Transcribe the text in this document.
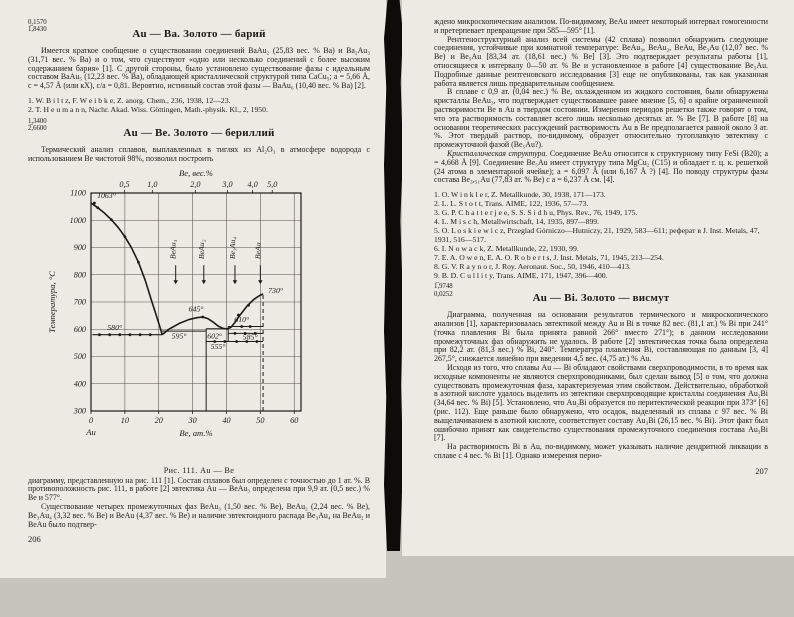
0,1570
1̅,8430	Au — Ba. Золото — барий

Имеется краткое сообщение о существовании соединений BaAu₂ (25,83 вес. % Ba) и Ba₂Au₃ (31,71 вес. % Ba) и о том, что существуют «одно или несколько соединений с более высоким содержанием бария» [1]. С другой стороны, было установлено существование фазы с идеальным составом BaAu₅ (12,23 вес. % Ba), обладающей кристаллической структурой типа CaCu₅; a = 5,66 Å, c = 4,57 Å (или кХ), c/a = 0,81. Вероятно, истинный состав этой фазы — BaAu₆ (10,40 вес. % Ba) [2].

1. W. B i l t z, F. W e i b k e, Z. anorg. Chem., 236, 1938, 12—23.
2. T. H e u m a n n, Nachr. Akad. Wiss. Göttingen, Math.-physik. Kl., 2, 1950.
1,3400
2̅,6600	Au — Be. Золото — бериллий

Термический анализ сплавов, выплавленных в тиглях из Al₂O₃ в атмосфере водорода с использованием Be чистотой 98%, позволил построить

300
400
500
600
700
800
900
1000
1100
0	10	20	30	40	50	60
0,5 1,0	2,0	3,0 4,0 5,0
Be, вес.%
Au	Be, ат.%
Температура, °С
1063°
580°
645°
610°
595°	602°	585°
555°
730°
BeAu₃ BeAu₂	Be₃Au₄ BeAu
Рис. 111. Au — Be

диаграмму, представленную на рис. 111 [1]. Состав сплавов был определен с точностью до 1 ат. %. В противоположность рис. 111, в работе [2] эвтектика Au — BeAu₃ определена при 9,9 ат. (0,5 вес.) % Be и 577°.

Существование четырех промежуточных фаз BeAu₃ (1,50 вес. % Be), BeAu₂ (2,24 вес. % Be), Be₃Au₄ (3,32 вес. % Be) и BeAu (4,37 вес. % Be) и наличие эвтектоидного распада Be₃Au₄ на BeAu₂ и BeAu было подтвер-

206

ждено микроскопическим анализом. По-видимому, BeAu имеет некоторый интервал гомогенности и претерпевает превращение при 585—595° [1].

Рентгеноструктурный анализ всей системы (42 сплава) позволил обнаружить следующие соединения, устойчивые при комнатной температуре: BeAu₃, BeAu₂, BeAu, Be₃Au (12,07 вес. % Be) и Be₅Au [83,34 ат. (18,61 вес.) % Be] [3]. Это подтверждает результаты работы [1], относящиеся к интервалу 0—50 ат. % Be и установленное в работе [4] существование Be₅Au. Подробные данные рентгеновского исследования [3] еще не опубликованы, так как указанная работа является лишь предварительным сообщением.

В сплаве с 0,9 ат. (0,04 вес.) % Be, охлажденном из жидкого состояния, были обнаружены кристаллы BeAu₃, что подтверждает существовавшее ранее мнение [5, 6] о крайне ограниченной растворимости Be в Au в твердом состоянии. Измерения периодов решетки также говорят о том, что эта растворимость составляет всего лишь несколько десятых ат. % Be [7]. В работе [8] на основании теоретических рассуждений растворимость Au в Be предполагается равной около 3 ат. %. Этот твердый раствор, по-видимому, образует относительно тугоплавкую эвтектику с промежуточной фазой (Be₅Au?).

Кристаллическая структура. Соединение BeAu относится к структурному типу FeSi (B20); a = 4,668 Å [9]. Соединение Be₅Au имеет структуру типа MgCu₂ (C15) и обладает г. ц. к. решеткой (24 атома в элементарной ячейке); a = 6,097 Å (или 6,167 Å ?) [4]. По поводу структуры фазы состава Be₃,₅₁Au (77,83 ат. % Be) с a = 6,237 Å см. [4].

1. O. W i n k l e r, Z. Metallkunde, 30, 1938, 171—173.
2. L. L. S t o t t, Trans. AIME, 122, 1936, 57—73.
3. G. P. C h a t t e r j e e, S. S. S i d h u, Phys. Rev., 76, 1949, 175.
4. L. M i s c h, Metallwirtschaft, 14, 1935, 897—899.
5. O. L o s k i e w i c z, Przeglad Górniczo—Hutniczy, 21, 1929, 583—611; реферат в J. Inst. Metals, 47, 1931, 516—517.
6. I. N o w a c k, Z. Metallkunde, 22, 1930, 99.
7. E. A. O w e n, E. A. O. R o b e r t s, J. Inst. Metals, 71, 1945, 213—254.
8. G. V. R a y n o r, J. Roy. Aeronaut. Soc., 50, 1946, 410—413.
9. B. D. C u l l i t y, Trans. AIME, 171, 1947, 396—400.
1̅,9748
0,0252	Au — Bi. Золото — висмут

Диаграмма, полученная на основании результатов термического и микроскопического анализов [1], характеризовалась эвтектикой между Au и Bi в точке 82 вес. (81,1 ат.) % Bi при 241° (точка плавления Bi была принята равной 266° вместо 271°); в данном исследовании промежуточных фаз обнаружить не удалось. В работе [2] эвтектическая точка была определена при 82,2 ат. (81,3 вес.) % Bi, 240°. Температура плавления Bi, составляющая по данным [3, 4] 267,5°, снижается линейно при введении 4,5 вес. (4,75 ат.) % Au.

Исходя из того, что сплавы Au — Bi обладают свойствами сверхпроводимости, в то время как исходные компоненты не являются сверхпроводниками, был сделан вывод [5] о том, что должна существовать промежуточная фаза, характеризуемая этим свойством. Действительно, обработкой в азотной кислоте удалось выделить из эвтектики сверхпроводящие кристаллы соединения Au₂Bi (34,64 вес. % Bi) [5]. Установлено, что Au₂Bi образуется по перитектической реакции при 373° [6] (рис. 112). Еще раньше было обнаружено, что осадок, выделенный из сплава с 97 вес. % Bi выщелачиванием в азотной кислоте, соответствует составу Au₃Bi (26,15 вес. % Bi). Этот факт был ошибочно принят как свидетельство существования промежуточного соединения состава Au₃Bi [7].

На растворимость Bi в Au, по-видимому, может указывать наличие дендритной ликвации в сплаве с 4 вес. % Bi [1]. Однако измерения перио-

207
